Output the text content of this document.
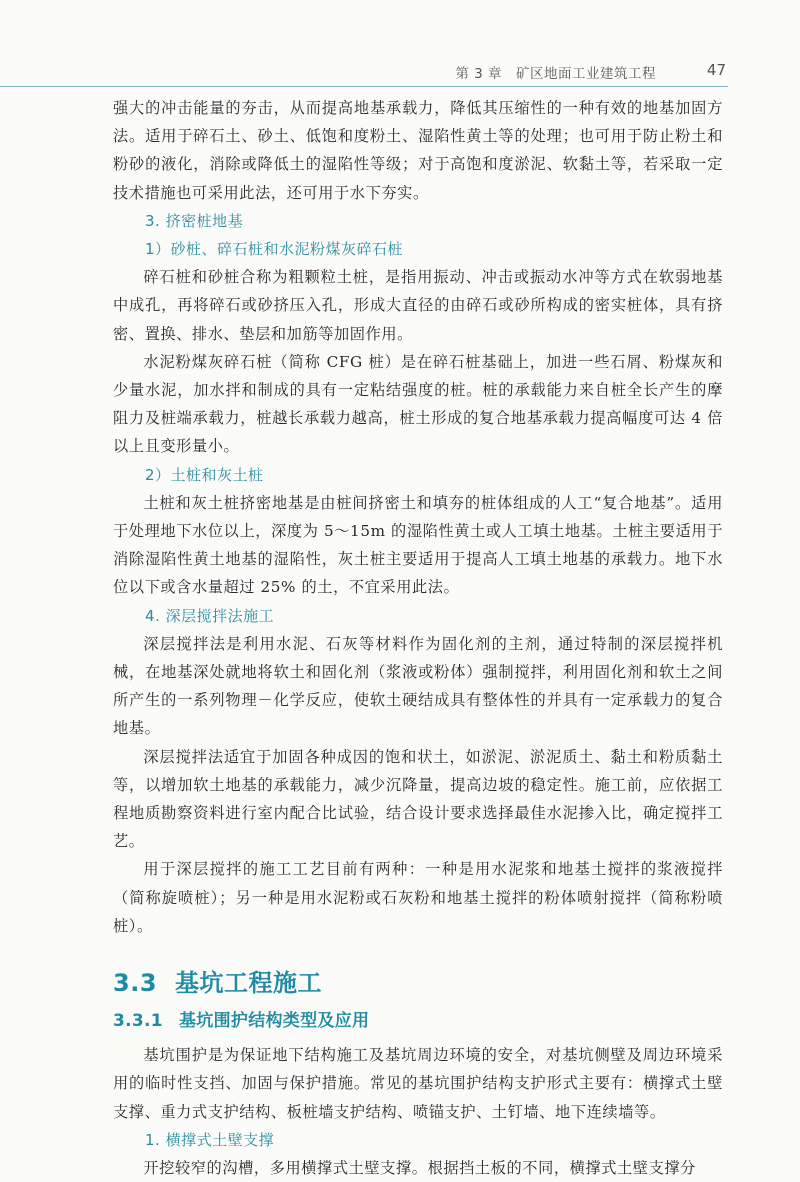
第 3 章　矿区地面工业建筑工程	47

强大的冲击能量的夯击，从而提高地基承载力，降低其压缩性的一种有效的地基加固方法。适用于碎石土、砂土、低饱和度粉土、湿陷性黄土等的处理；也可用于防止粉土和粉砂的液化，消除或降低土的湿陷性等级；对于高饱和度淤泥、软黏土等，若采取一定技术措施也可采用此法，还可用于水下夯实。

3. 挤密桩地基
1）砂桩、碎石桩和水泥粉煤灰碎石桩

碎石桩和砂桩合称为粗颗粒土桩，是指用振动、冲击或振动水冲等方式在软弱地基中成孔，再将碎石或砂挤压入孔，形成大直径的由碎石或砂所构成的密实桩体，具有挤密、置换、排水、垫层和加筋等加固作用。

水泥粉煤灰碎石桩（简称 CFG 桩）是在碎石桩基础上，加进一些石屑、粉煤灰和少量水泥，加水拌和制成的具有一定粘结强度的桩。桩的承载能力来自桩全长产生的摩阻力及桩端承载力，桩越长承载力越高，桩土形成的复合地基承载力提高幅度可达 4 倍以上且变形量小。

2）土桩和灰土桩

土桩和灰土桩挤密地基是由桩间挤密土和填夯的桩体组成的人工“复合地基”。适用于处理地下水位以上，深度为 5～15m 的湿陷性黄土或人工填土地基。土桩主要适用于消除湿陷性黄土地基的湿陷性，灰土桩主要适用于提高人工填土地基的承载力。地下水位以下或含水量超过 25% 的土，不宜采用此法。

4. 深层搅拌法施工

深层搅拌法是利用水泥、石灰等材料作为固化剂的主剂，通过特制的深层搅拌机械，在地基深处就地将软土和固化剂（浆液或粉体）强制搅拌，利用固化剂和软土之间所产生的一系列物理－化学反应，使软土硬结成具有整体性的并具有一定承载力的复合地基。

深层搅拌法适宜于加固各种成因的饱和状土，如淤泥、淤泥质土、黏土和粉质黏土等，以增加软土地基的承载能力，减少沉降量，提高边坡的稳定性。施工前，应依据工程地质勘察资料进行室内配合比试验，结合设计要求选择最佳水泥掺入比，确定搅拌工艺。

用于深层搅拌的施工工艺目前有两种：一种是用水泥浆和地基土搅拌的浆液搅拌（简称旋喷桩）；另一种是用水泥粉或石灰粉和地基土搅拌的粉体喷射搅拌（简称粉喷桩）。

3.3 基坑工程施工
3.3.1 基坑围护结构类型及应用

基坑围护是为保证地下结构施工及基坑周边环境的安全，对基坑侧壁及周边环境采用的临时性支挡、加固与保护措施。常见的基坑围护结构支护形式主要有：横撑式土壁支撑、重力式支护结构、板桩墙支护结构、喷锚支护、土钉墙、地下连续墙等。

1. 横撑式土壁支撑

开挖较窄的沟槽，多用横撑式土壁支撑。根据挡土板的不同，横撑式土壁支撑分
